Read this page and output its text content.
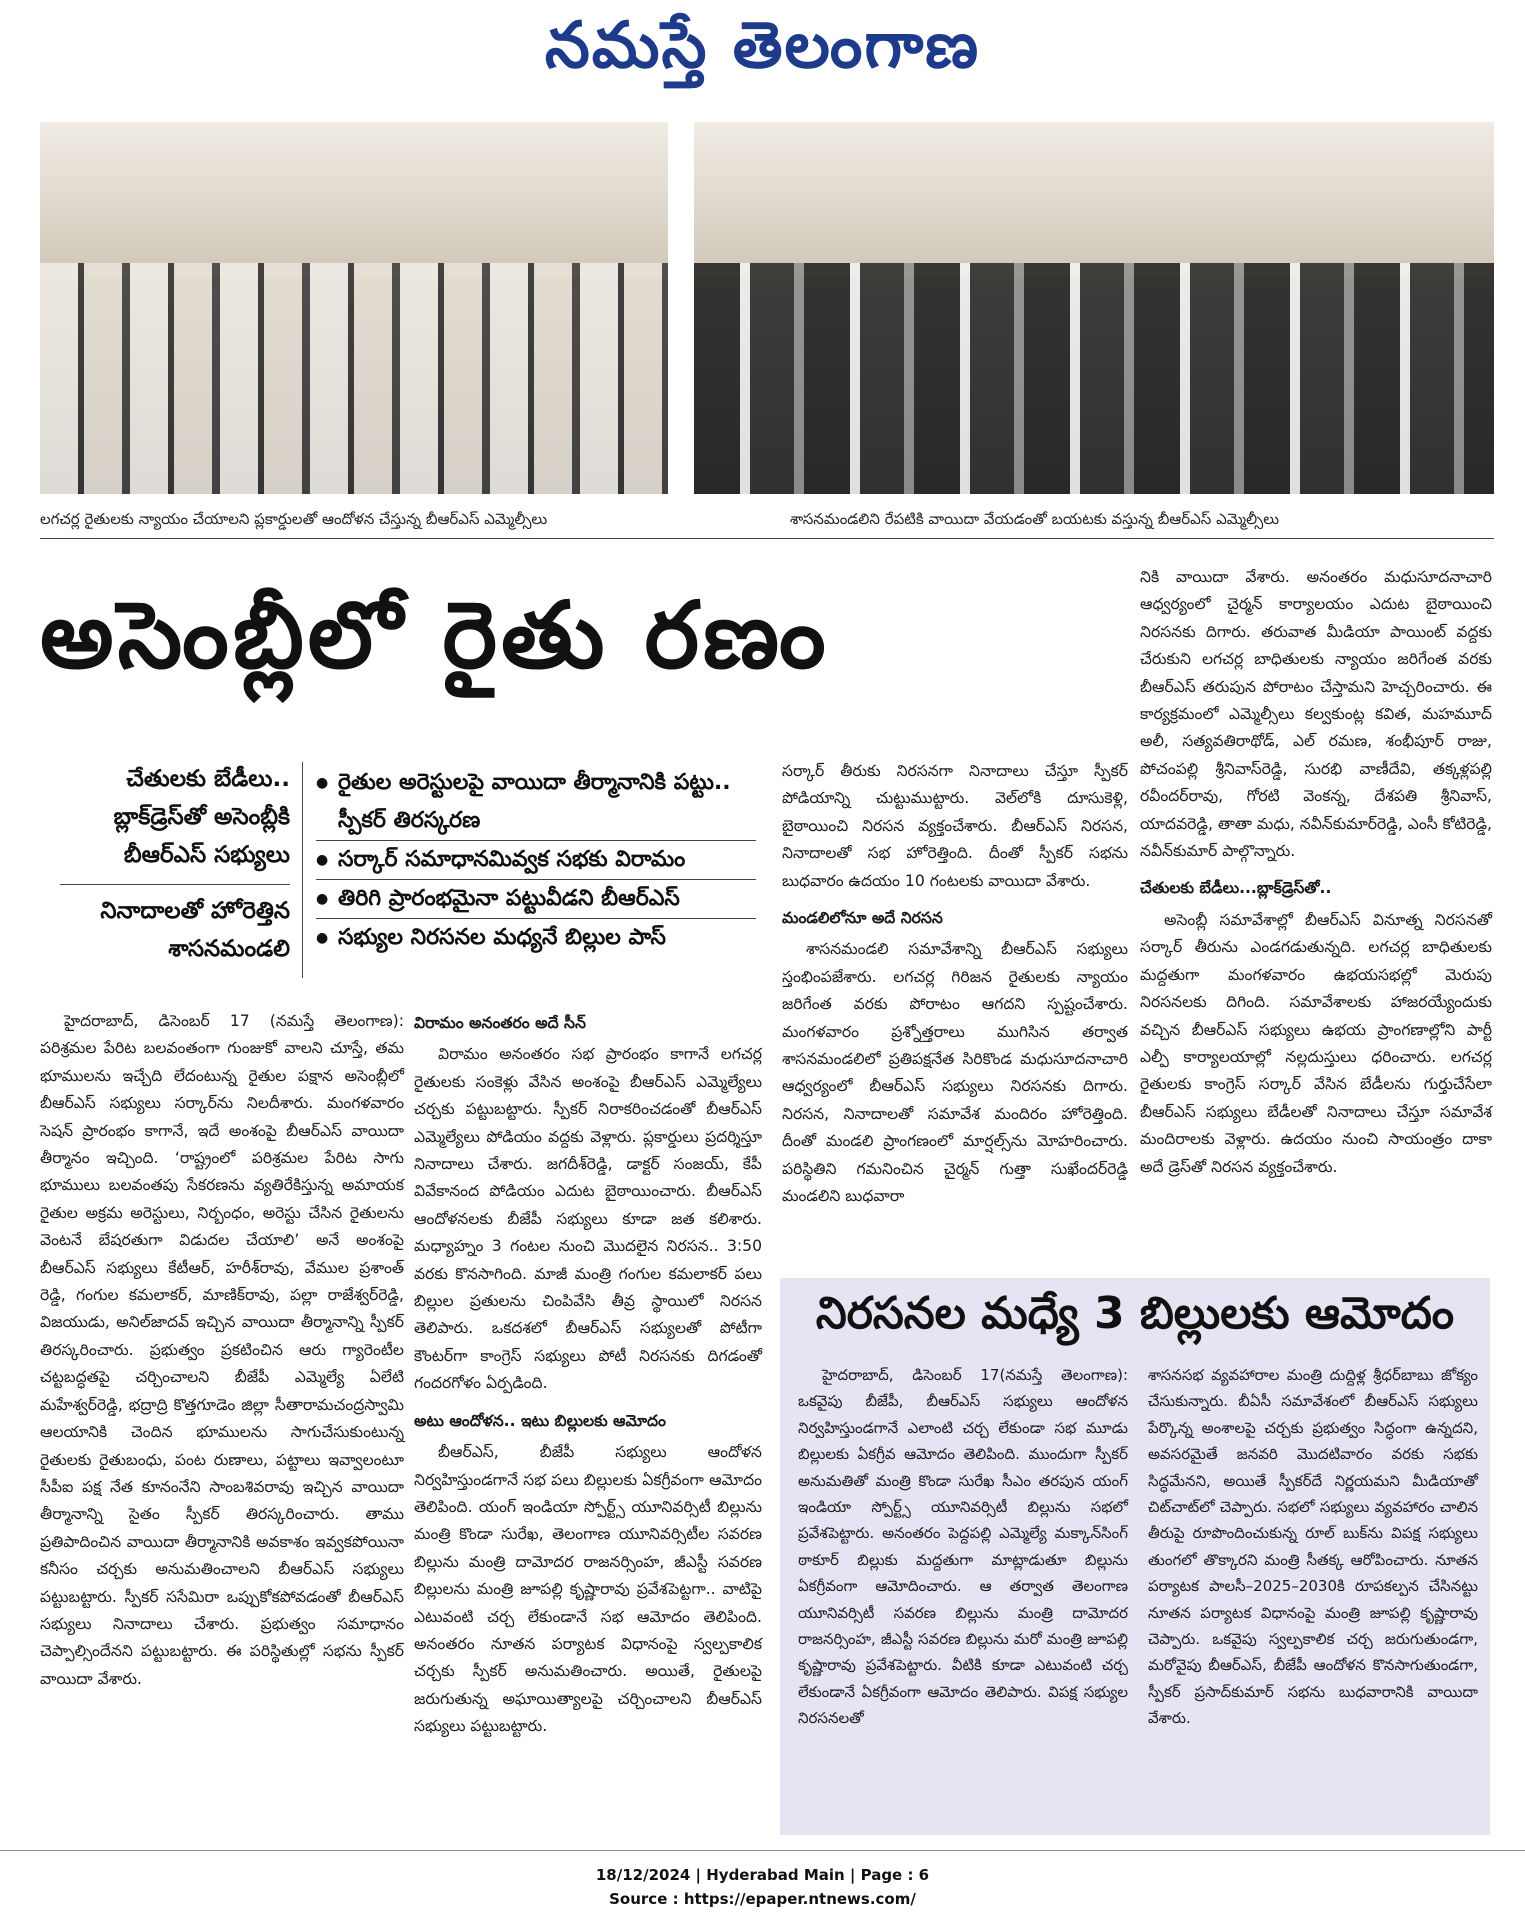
నమస్తే తెలంగాణ
లగచర్ల రైతులకు న్యాయం చేయాలని ప్లకార్డులతో ఆందోళన చేస్తున్న బీఆర్‌ఎస్‌ ఎమ్మెల్సీలు	శాసనమండలిని రేపటికి వాయిదా వేయడంతో బయటకు వస్తున్న బీఆర్‌ఎస్‌ ఎమ్మెల్సీలు
అసెంబ్లీలో రైతు రణం
చేతులకు బేడీలు.. బ్లాక్‌డ్రెస్‌తో అసెంబ్లీకి బీఆర్‌ఎస్‌ సభ్యులు
నినాదాలతో హోరెత్తిన శాసనమండలి
● రైతుల అరెస్టులపై వాయిదా తీర్మానానికి పట్టు.. స్పీకర్‌ తిరస్కరణ
● సర్కార్‌ సమాధానమివ్వక సభకు విరామం
● తిరిగి ప్రారంభమైనా పట్టువీడని బీఆర్‌ఎస్‌
● సభ్యుల నిరసనల మధ్యనే బిల్లుల పాస్‌

హైదరాబాద్‌, డిసెంబర్‌ 17 (నమస్తే తెలంగాణ): పరిశ్రమల పేరిట బలవంతంగా గుంజుకో వాలని చూస్తే, తమ భూములను ఇచ్చేది లేదంటున్న రైతుల పక్షాన అసెంబ్లీలో బీఆర్‌ఎస్‌ సభ్యులు సర్కార్‌ను నిలదీశారు. మంగళవారం సెషన్‌ ప్రారంభం కాగానే, ఇదే అంశంపై బీఆర్‌ఎస్‌ వాయిదా తీర్మానం ఇచ్చింది. ‘రాష్ట్రంలో పరిశ్రమల పేరిట సాగు భూములు బలవంతపు సేకరణను వ్యతిరేకిస్తున్న అమాయక రైతుల అక్రమ అరెస్టులు, నిర్బంధం, అరెస్టు చేసిన రైతులను వెంటనే బేషరతుగా విడుదల చేయాలి’ అనే అంశంపై బీఆర్‌ఎస్‌ సభ్యులు కేటీఆర్‌, హరీశ్‌రావు, వేముల ప్రశాంత్‌ రెడ్డి, గంగుల కమలాకర్‌, మాణిక్‌రావు, పల్లా రాజేశ్వర్‌రెడ్డి, విజయుడు, అనిల్‌జాదవ్‌ ఇచ్చిన వాయిదా తీర్మానాన్ని స్పీకర్‌ తిరస్కరించారు. ప్రభుత్వం ప్రకటించిన ఆరు గ్యారెంటీల చట్టబద్ధతపై చర్చించాలని బీజేపీ ఎమ్మెల్యే ఏలేటి మహేశ్వర్‌రెడ్డి, భద్రాద్రి కొత్తగూడెం జిల్లా సీతారామచంద్రస్వామి ఆలయానికి చెందిన భూములను సాగుచేసుకుంటున్న రైతులకు రైతుబంధు, పంట రుణాలు, పట్టాలు ఇవ్వాలంటూ సీపీఐ పక్ష నేత కూనంనేని సాంబశివరావు ఇచ్చిన వాయిదా తీర్మానాన్ని సైతం స్పీకర్‌ తిరస్కరించారు. తాము ప్రతిపాదించిన వాయిదా తీర్మానానికి అవకాశం ఇవ్వకపోయినా కనీసం చర్చకు అనుమతించాలని బీఆర్‌ఎస్‌ సభ్యులు పట్టుబట్టారు. స్పీకర్‌ ససేమిరా ఒప్పుకోకపోవడంతో బీఆర్‌ఎస్‌ సభ్యులు నినాదాలు చేశారు. ప్రభుత్వం సమాధానం చెప్పాల్సిందేనని పట్టుబట్టారు. ఈ పరిస్థితుల్లో సభను స్పీకర్‌ వాయిదా వేశారు.

విరామం అనంతరం అదే సీన్‌

విరామం అనంతరం సభ ప్రారంభం కాగానే లగచర్ల రైతులకు సంకెళ్లు వేసిన అంశంపై బీఆర్‌ఎస్‌ ఎమ్మెల్యేలు చర్చకు పట్టుబట్టారు. స్పీకర్‌ నిరాకరించడంతో బీఆర్‌ఎస్‌ ఎమ్మెల్యేలు పోడియం వద్దకు వెళ్లారు. ప్లకార్డులు ప్రదర్శిస్తూ నినాదాలు చేశారు. జగదీశ్‌రెడ్డి, డాక్టర్‌ సంజయ్‌, కేపీ వివేకానంద పోడియం ఎదుట బైఠాయించారు. బీఆర్‌ఎస్‌ ఆందోళనలకు బీజేపీ సభ్యులు కూడా జత కలిశారు. మధ్యాహ్నం 3 గంటల నుంచి మొదలైన నిరసన.. 3:50 వరకు కొనసాగింది. మాజీ మంత్రి గంగుల కమలాకర్‌ పలు బిల్లుల ప్రతులను చింపివేసి తీవ్ర స్థాయిలో నిరసన తెలిపారు. ఒకదశలో బీఆర్‌ఎస్‌ సభ్యులతో పోటీగా కౌంటర్‌గా కాంగ్రెస్‌ సభ్యులు పోటీ నిరసనకు దిగడంతో గందరగోళం ఏర్పడింది.

అటు ఆందోళన.. ఇటు బిల్లులకు ఆమోదం

బీఆర్‌ఎస్‌, బీజేపీ సభ్యులు ఆందోళన నిర్వహిస్తుండగానే సభ పలు బిల్లులకు ఏకగ్రీవంగా ఆమోదం తెలిపింది. యంగ్‌ ఇండియా స్పోర్ట్స్‌ యూనివర్సిటీ బిల్లును మంత్రి కొండా సురేఖ, తెలంగాణ యూనివర్సిటీల సవరణ బిల్లును మంత్రి దామోదర రాజనర్సింహ, జీఎస్టీ సవరణ బిల్లులను మంత్రి జూపల్లి కృష్ణారావు ప్రవేశపెట్టగా.. వాటిపై ఎటువంటి చర్చ లేకుండానే సభ ఆమోదం తెలిపింది. అనంతరం నూతన పర్యాటక విధానంపై స్వల్పకాలిక చర్చకు స్పీకర్‌ అనుమతించారు. అయితే, రైతులపై జరుగుతున్న అఘాయిత్యాలపై చర్చించాలని బీఆర్‌ఎస్‌ సభ్యులు పట్టుబట్టారు.

సర్కార్‌ తీరుకు నిరసనగా నినాదాలు చేస్తూ స్పీకర్‌ పోడియాన్ని చుట్టుముట్టారు. వెల్‌లోకి దూసుకెళ్లి, బైఠాయించి నిరసన వ్యక్తంచేశారు. బీఆర్‌ఎస్‌ నిరసన, నినాదాలతో సభ హోరెత్తింది. దీంతో స్పీకర్‌ సభను బుధవారం ఉదయం 10 గంటలకు వాయిదా వేశారు.

మండలిలోనూ అదే నిరసన

శాసనమండలి సమావేశాన్ని బీఆర్‌ఎస్‌ సభ్యులు స్తంభింపజేశారు. లగచర్ల గిరిజన రైతులకు న్యాయం జరిగేంత వరకు పోరాటం ఆగదని స్పష్టంచేశారు. మంగళవారం ప్రశ్నోత్తరాలు ముగిసిన తర్వాత శాసనమండలిలో ప్రతిపక్షనేత సిరికొండ మధుసూదనాచారి ఆధ్వర్యంలో బీఆర్‌ఎస్‌ సభ్యులు నిరసనకు దిగారు. నిరసన, నినాదాలతో సమావేశ మందిరం హోరెత్తింది. దీంతో మండలి ప్రాంగణంలో మార్షల్స్‌ను మోహరించారు. పరిస్థితిని గమనించిన చైర్మన్‌ గుత్తా సుఖేందర్‌రెడ్డి మండలిని బుధవారా

నికి వాయిదా వేశారు. అనంతరం మధుసూదనాచారి ఆధ్వర్యంలో చైర్మన్‌ కార్యాలయం ఎదుట బైఠాయించి నిరసనకు దిగారు. తరువాత మీడియా పాయింట్‌ వద్దకు చేరుకుని లగచర్ల బాధితులకు న్యాయం జరిగేంత వరకు బీఆర్‌ఎస్‌ తరుపున పోరాటం చేస్తామని హెచ్చరించారు. ఈ కార్యక్రమంలో ఎమ్మెల్సీలు కల్వకుంట్ల కవిత, మహమూద్‌ అలీ, సత్యవతిరాథోడ్‌, ఎల్‌ రమణ, శంభీపూర్‌ రాజు, పోచంపల్లి శ్రీనివాస్‌రెడ్డి, సురభి వాణీదేవి, తక్కళ్లపల్లి రవీందర్‌రావు, గోరటి వెంకన్న, దేశపతి శ్రీనివాస్‌, యాదవరెడ్డి, తాతా మధు, నవీన్‌కుమార్‌రెడ్డి, ఎంసీ కోటిరెడ్డి, నవీన్‌కుమార్‌ పాల్గొన్నారు.

చేతులకు బేడీలు...బ్లాక్‌డ్రెస్‌తో..

అసెంబ్లీ సమావేశాల్లో బీఆర్‌ఎస్‌ వినూత్న నిరసనతో సర్కార్‌ తీరును ఎండగడుతున్నది. లగచర్ల బాధితులకు మద్దతుగా మంగళవారం ఉభయసభల్లో మెరుపు నిరసనలకు దిగింది. సమావేశాలకు హాజరయ్యేందుకు వచ్చిన బీఆర్‌ఎస్‌ సభ్యులు ఉభయ ప్రాంగణాల్లోని పార్టీ ఎల్పీ కార్యాలయాల్లో నల్లదుస్తులు ధరించారు. లగచర్ల రైతులకు కాంగ్రెస్‌ సర్కార్‌ వేసిన బేడీలను గుర్తుచేసేలా బీఆర్‌ఎస్‌ సభ్యులు బేడీలతో నినాదాలు చేస్తూ సమావేశ మందిరాలకు వెళ్లారు. ఉదయం నుంచి సాయంత్రం దాకా అదే డ్రెస్‌తో నిరసన వ్యక్తంచేశారు.

నిరసనల మధ్యే 3 బిల్లులకు ఆమోదం

హైదరాబాద్‌, డిసెంబర్‌ 17(నమస్తే తెలంగాణ): ఒకవైపు బీజేపీ, బీఆర్‌ఎస్‌ సభ్యులు ఆందోళన నిర్వహిస్తుండగానే ఎలాంటి చర్చ లేకుండా సభ మూడు బిల్లులకు ఏకగ్రీవ ఆమోదం తెలిపింది. ముందుగా స్పీకర్‌ అనుమతితో మంత్రి కొండా సురేఖ సీఎం తరపున యంగ్‌ ఇండియా స్పోర్ట్స్‌ యూనివర్సిటీ బిల్లును సభలో ప్రవేశపెట్టారు. అనంతరం పెద్దపల్లి ఎమ్మెల్యే మక్కాన్‌సింగ్‌ ఠాకూర్‌ బిల్లుకు మద్దతుగా మాట్లాడుతూ బిల్లును ఏకగ్రీవంగా ఆమోదించారు. ఆ తర్వాత తెలంగాణ యూనివర్సిటీ సవరణ బిల్లును మంత్రి దామోదర రాజనర్సింహ, జీఎస్టీ సవరణ బిల్లును మరో మంత్రి జూపల్లి కృష్ణారావు ప్రవేశపెట్టారు. వీటికి కూడా ఎటువంటి చర్చ లేకుండానే ఏకగ్రీవంగా ఆమోదం తెలిపారు. విపక్ష సభ్యుల నిరసనలతో

శాసనసభ వ్యవహారాల మంత్రి దుద్దిళ్ల శ్రీధర్‌బాబు జోక్యం చేసుకున్నారు. బీఏసీ సమావేశంలో బీఆర్‌ఎస్‌ సభ్యులు పేర్కొన్న అంశాలపై చర్చకు ప్రభుత్వం సిద్ధంగా ఉన్నదని, అవసరమైతే జనవరి మొదటివారం వరకు సభకు సిద్ధమేనని, అయితే స్పీకర్‌దే నిర్ణయమని మీడియాతో చిట్‌చాట్‌లో చెప్పారు. సభలో సభ్యులు వ్యవహారం చాలిన తీరుపై రూపొందించుకున్న రూల్‌ బుక్‌ను విపక్ష సభ్యులు తుంగలో తొక్కారని మంత్రి సీతక్క ఆరోపించారు. నూతన పర్యాటక పాలసీ–2025–2030కి రూపకల్పన చేసినట్టు నూతన పర్యాటక విధానంపై మంత్రి జూపల్లి కృష్ణారావు చెప్పారు. ఒకవైపు స్వల్పకాలిక చర్చ జరుగుతుండగా, మరోవైపు బీఆర్‌ఎస్‌, బీజేపీ ఆందోళన కొనసాగుతుండగా, స్పీకర్‌ ప్రసాద్‌కుమార్‌ సభను బుధవారానికి వాయిదా వేశారు.

18/12/2024 | Hyderabad Main | Page : 6
Source : https://epaper.ntnews.com/
